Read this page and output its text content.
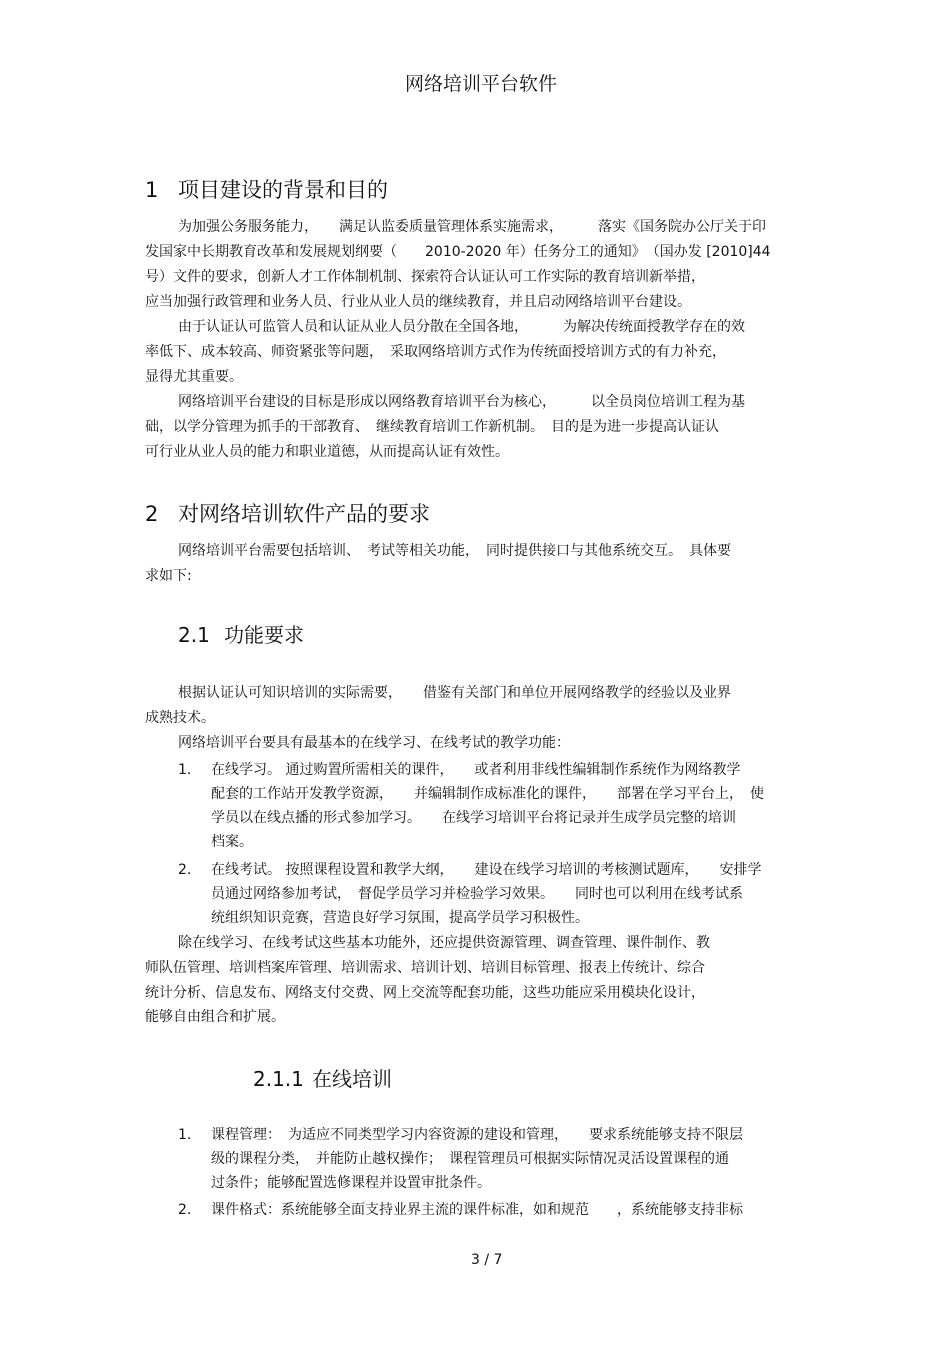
网络培训平台软件
1 项目建设的背景和目的
为加强公务服务能力，　　满足认监委质量管理体系实施需求，　　　落实《国务院办公厅关于印
发国家中长期教育改革和发展规划纲要（　　2010-2020 年）任务分工的通知》　（国办发 [2010]44
号）文件的要求，创新人才工作体制机制、探索符合认证认可工作实际的教育培训新举措，
应当加强行政管理和业务人员、行业从业人员的继续教育，并且启动网络培训平台建设。
由于认证认可监管人员和认证从业人员分散在全国各地，　　　为解决传统面授教学存在的效
率低下、成本较高、师资紧张等问题，　采取网络培训方式作为传统面授培训方式的有力补充，
显得尤其重要。
网络培训平台建设的目标是形成以网络教育培训平台为核心，　　　以全员岗位培训工程为基
础，以学分管理为抓手的干部教育、　继续教育培训工作新机制。　目的是为进一步提高认证认
可行业从业人员的能力和职业道德，从而提高认证有效性。
2 对网络培训软件产品的要求
网络培训平台需要包括培训、　考试等相关功能，　同时提供接口与其他系统交互。　具体要
求如下:
2.1 功能要求
根据认证认可知识培训的实际需要，　　借鉴有关部门和单位开展网络教学的经验以及业界
成熟技术。
网络培训平台要具有最基本的在线学习、在线考试的教学功能：
1. 在线学习。 通过购置所需相关的课件，　　或者利用非线性编辑制作系统作为网络教学
配套的工作站开发教学资源，　　并编辑制作成标准化的课件，　　部署在学习平台上，　使
学员以在线点播的形式参加学习。　　在线学习培训平台将记录并生成学员完整的培训
档案。
2. 在线考试。 按照课程设置和教学大纲，　　建设在线学习培训的考核测试题库，　　安排学
员通过网络参加考试，　督促学员学习并检验学习效果。　　同时也可以利用在线考试系
统组织知识竞赛，营造良好学习氛围，提高学员学习积极性。
除在线学习、在线考试这些基本功能外，还应提供资源管理、调查管理、课件制作、教
师队伍管理、培训档案库管理、培训需求、培训计划、培训目标管理、报表上传统计、综合
统计分析、信息发布、网络支付交费、网上交流等配套功能，这些功能应采用模块化设计，
能够自由组合和扩展。
2.1.1 在线培训
1. 课程管理：　为适应不同类型学习内容资源的建设和管理，　　要求系统能够支持不限层
级的课程分类，　并能防止越权操作；　课程管理员可根据实际情况灵活设置课程的通
过条件；能够配置选修课程并设置审批条件。
2. 课件格式：系统能够全面支持业界主流的课件标准，如和规范　　，系统能够支持非标
3 / 7
